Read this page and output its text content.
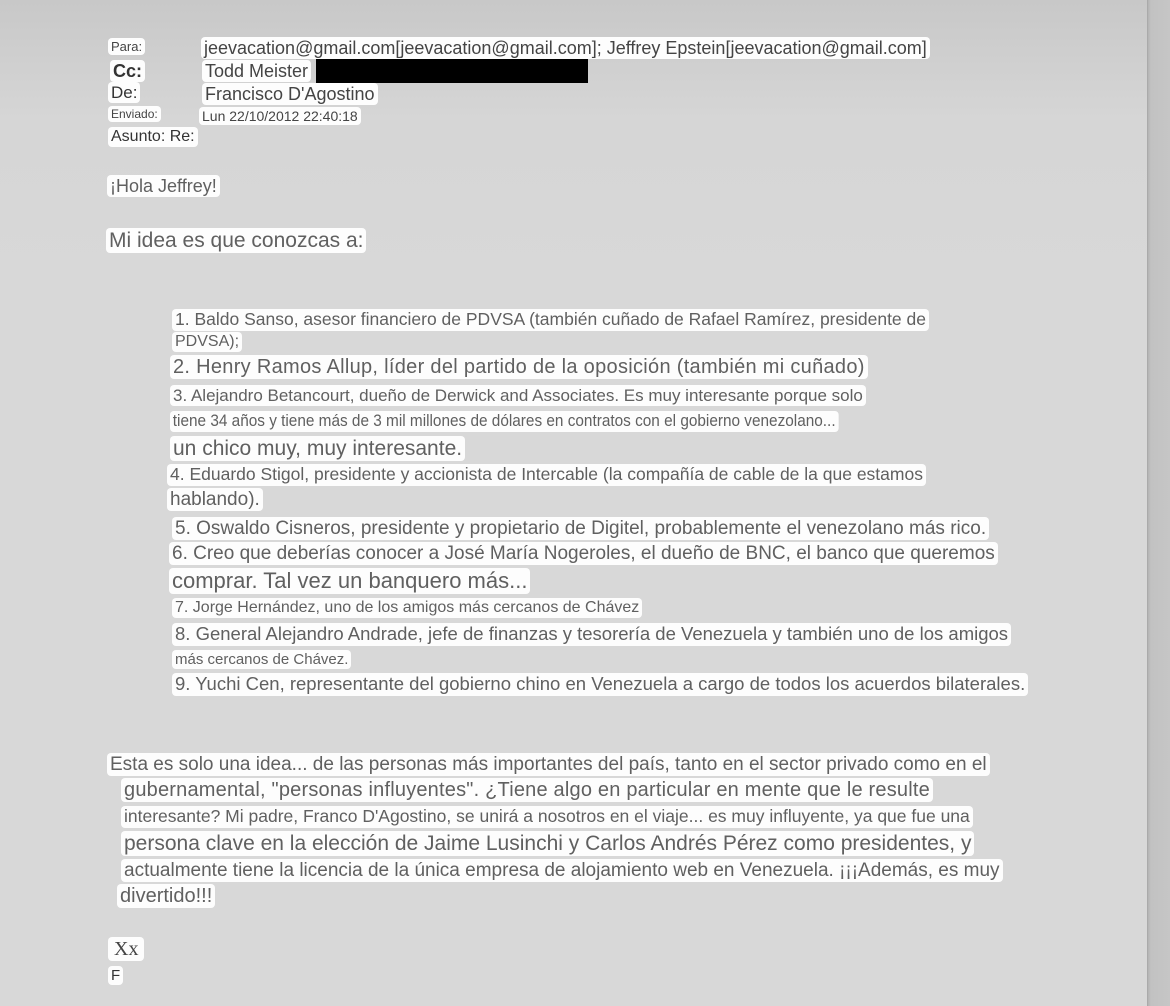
Para:	jeevacation@gmail.com[jeevacation@gmail.com]; Jeffrey Epstein[jeevacation@gmail.com]
Cc:	Todd Meister
De:	Francisco D'Agostino
Enviado:	Lun 22/10/2012 22:40:18
Asunto: Re:
¡Hola Jeffrey!
Mi idea es que conozcas a:
1. Baldo Sanso, asesor financiero de PDVSA (también cuñado de Rafael Ramírez, presidente de
PDVSA);
2. Henry Ramos Allup, líder del partido de la oposición (también mi cuñado)
3. Alejandro Betancourt, dueño de Derwick and Associates. Es muy interesante porque solo
tiene 34 años y tiene más de 3 mil millones de dólares en contratos con el gobierno venezolano...
un chico muy, muy interesante.
4. Eduardo Stigol, presidente y accionista de Intercable (la compañía de cable de la que estamos
hablando).
5. Oswaldo Cisneros, presidente y propietario de Digitel, probablemente el venezolano más rico.
6. Creo que deberías conocer a José María Nogeroles, el dueño de BNC, el banco que queremos
comprar. Tal vez un banquero más...
7. Jorge Hernández, uno de los amigos más cercanos de Chávez
8. General Alejandro Andrade, jefe de finanzas y tesorería de Venezuela y también uno de los amigos
más cercanos de Chávez.
9. Yuchi Cen, representante del gobierno chino en Venezuela a cargo de todos los acuerdos bilaterales.
Esta es solo una idea... de las personas más importantes del país, tanto en el sector privado como en el
gubernamental, "personas influyentes". ¿Tiene algo en particular en mente que le resulte
interesante? Mi padre, Franco D'Agostino, se unirá a nosotros en el viaje... es muy influyente, ya que fue una
persona clave en la elección de Jaime Lusinchi y Carlos Andrés Pérez como presidentes, y
actualmente tiene la licencia de la única empresa de alojamiento web en Venezuela. ¡¡¡Además, es muy
divertido!!!
Xx
F
